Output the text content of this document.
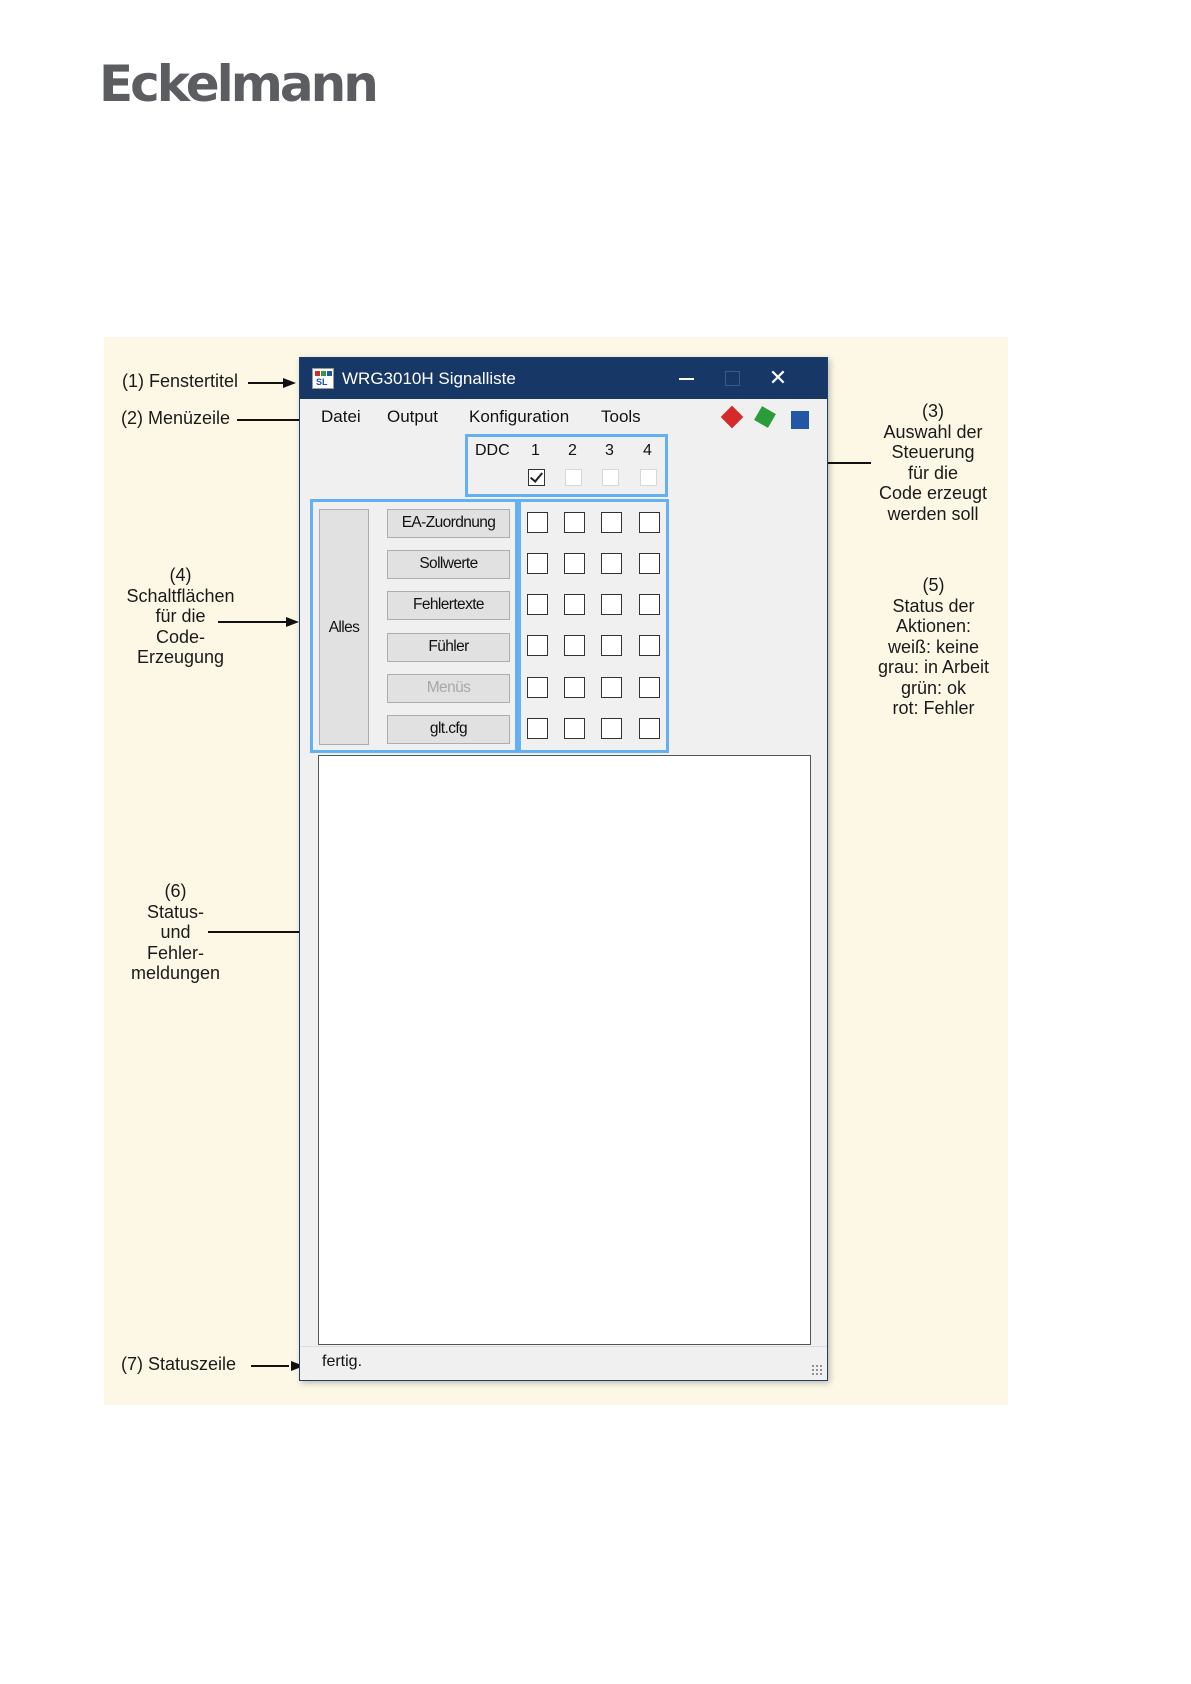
Eckelmann
(1) Fenstertitel
(2) Menüzeile	(3)
Auswahl der
Steuerung
für die
Code erzeugt
werden soll
(4)
Schaltflächen
für die
Code-
Erzeugung
(5)
Status der
Aktionen:
weiß: keine
grau: in Arbeit
grün: ok
rot: Fehler
(6)
Status-
und
Fehler-
meldungen
(7) Statuszeile
SL WRG3010H Signalliste	✕
Datei Output Konfiguration Tools
DDC 1 2 3 4
Alles
EA-Zuordnung
Sollwerte
Fehlertexte
Fühler
Menüs
glt.cfg
fertig.
